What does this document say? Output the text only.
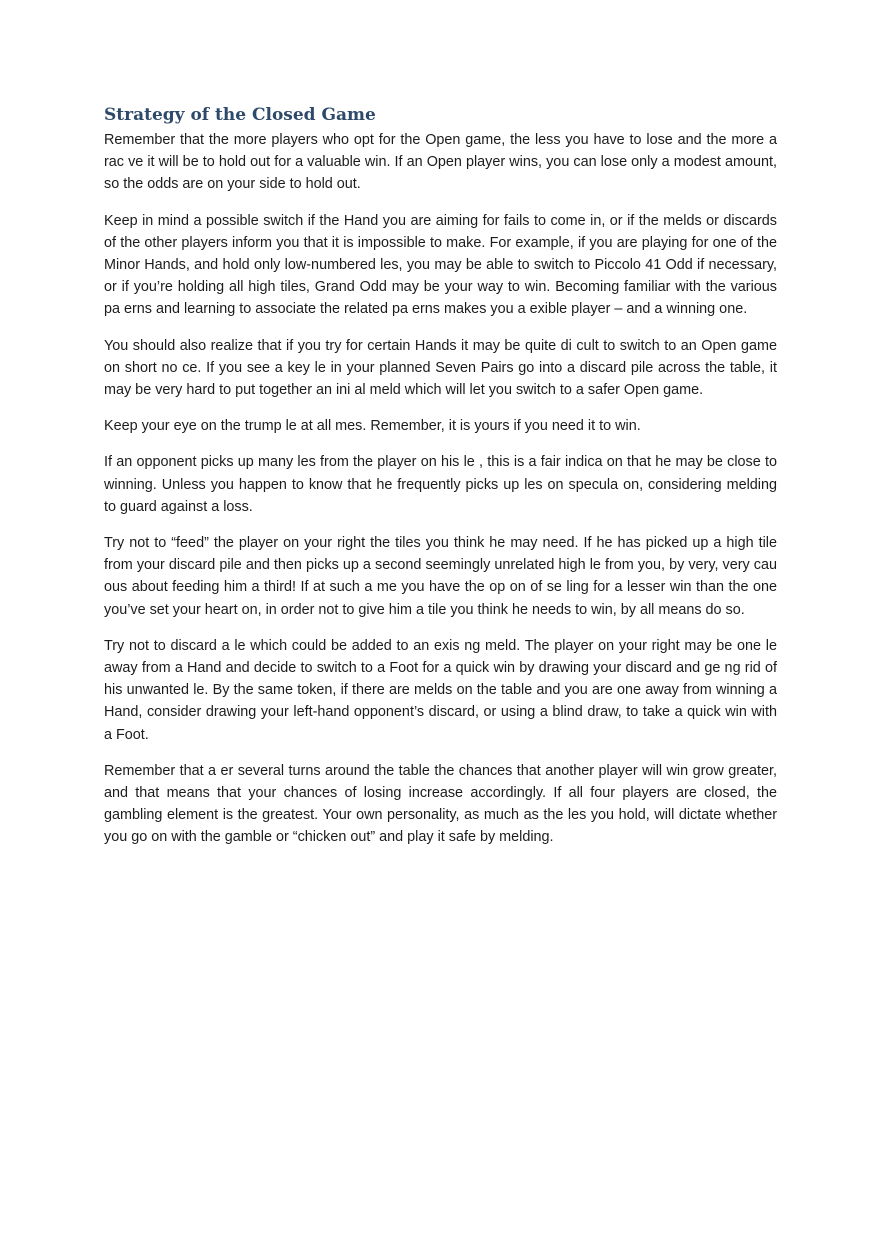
Strategy of the Closed Game

Remember that the more players who opt for the Open game, the less you have to lose and the more a rac ve it will be to hold out for a valuable win. If an Open player wins, you can lose only a modest amount, so the odds are on your side to hold out.

Keep in mind a possible switch if the Hand you are aiming for fails to come in, or if the melds or discards of the other players inform you that it is impossible to make. For example, if you are playing for one of the Minor Hands, and hold only low-numbered les, you may be able to switch to Piccolo 41 Odd if necessary, or if you’re holding all high tiles, Grand Odd may be your way to win. Becoming familiar with the various pa erns and learning to associate the related pa erns makes you a exible player – and a winning one.

You should also realize that if you try for certain Hands it may be quite di cult to switch to an Open game on short no ce. If you see a key le in your planned Seven Pairs go into a discard pile across the table, it may be very hard to put together an ini al meld which will let you switch to a safer Open game.

Keep your eye on the trump le at all mes. Remember, it is yours if you need it to win.

If an opponent picks up many les from the player on his le , this is a fair indica on that he may be close to winning. Unless you happen to know that he frequently picks up les on specula on, considering melding to guard against a loss.

Try not to “feed” the player on your right the tiles you think he may need. If he has picked up a high tile from your discard pile and then picks up a second seemingly unrelated high le from you, by very, very cau ous about feeding him a third! If at such a me you have the op on of se ling for a lesser win than the one you’ve set your heart on, in order not to give him a tile you think he needs to win, by all means do so.

Try not to discard a le which could be added to an exis ng meld. The player on your right may be one le away from a Hand and decide to switch to a Foot for a quick win by drawing your discard and ge ng rid of his unwanted le. By the same token, if there are melds on the table and you are one away from winning a Hand, consider drawing your left-hand opponent’s discard, or using a blind draw, to take a quick win with a Foot.

Remember that a er several turns around the table the chances that another player will win grow greater, and that means that your chances of losing increase accordingly. If all four players are closed, the gambling element is the greatest. Your own personality, as much as the les you hold, will dictate whether you go on with the gamble or “chicken out” and play it safe by melding.
